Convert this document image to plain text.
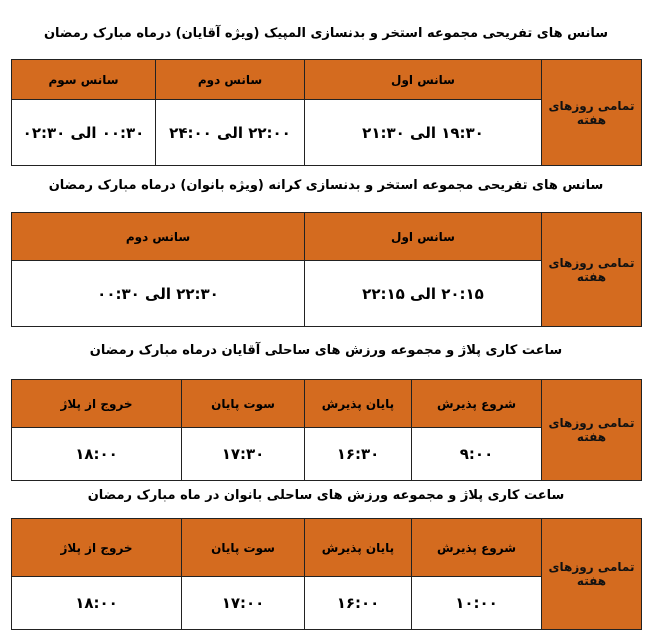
سانس های تفریحی مجموعه استخر و بدنسازی المپیک (ویژه آقایان) درماه مبارک رمضان
تمامی روزهای هفته	سانس اول	سانس دوم	سانس سوم
	۱۹:۳۰ الی ۲۱:۳۰	۲۲:۰۰ الی ۲۴:۰۰	۰۰:۳۰ الی ۰۲:۳۰
سانس های تفریحی مجموعه استخر و بدنسازی کرانه (ویژه بانوان) درماه مبارک رمضان
تمامی روزهای هفته	سانس اول	سانس دوم
	۲۰:۱۵ الی ۲۲:۱۵	۲۲:۳۰ الی ۰۰:۳۰
ساعت کاری پلاژ و مجموعه ورزش های ساحلی آقایان درماه مبارک رمضان
تمامی روزهای هفته	شروع پذیرش	پایان پذیرش	سوت پایان	خروج از پلاژ
	۹:۰۰	۱۶:۳۰	۱۷:۳۰	۱۸:۰۰
ساعت کاری پلاژ و مجموعه ورزش های ساحلی بانوان در ماه مبارک رمضان
تمامی روزهای هفته	شروع پذیرش	پایان پذیرش	سوت پایان	خروج از پلاژ
	۱۰:۰۰	۱۶:۰۰	۱۷:۰۰	۱۸:۰۰
